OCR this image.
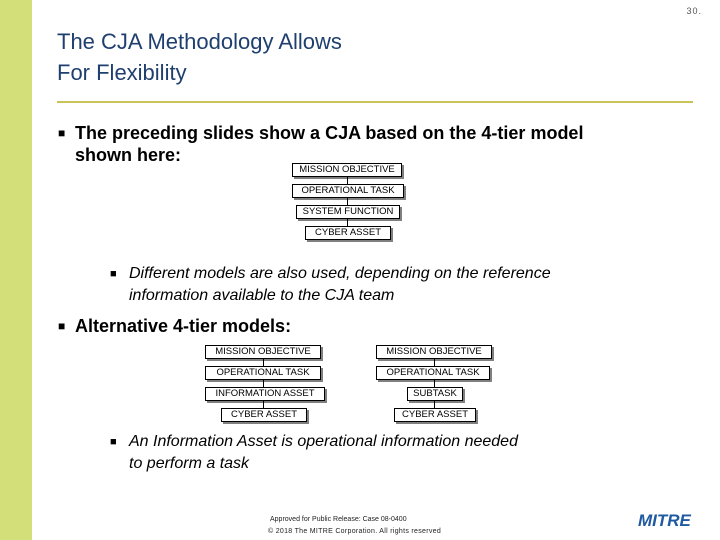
30.
The CJA Methodology Allows
For Flexibility
■ The preceding slides show a CJA based on the 4-tier model
shown here:
MISSION OBJECTIVE
OPERATIONAL TASK
SYSTEM FUNCTION
CYBER ASSET
■ Different models are also used, depending on the reference
information available to the CJA team
■ Alternative 4-tier models:
MISSION OBJECTIVE
OPERATIONAL TASK
INFORMATION ASSET
CYBER ASSET
MISSION OBJECTIVE
OPERATIONAL TASK
SUBTASK
CYBER ASSET
■ An Information Asset is operational information needed
to perform a task
Approved for Public Release: Case 08-0400
© 2018 The MITRE Corporation. All rights reserved
MITRE
